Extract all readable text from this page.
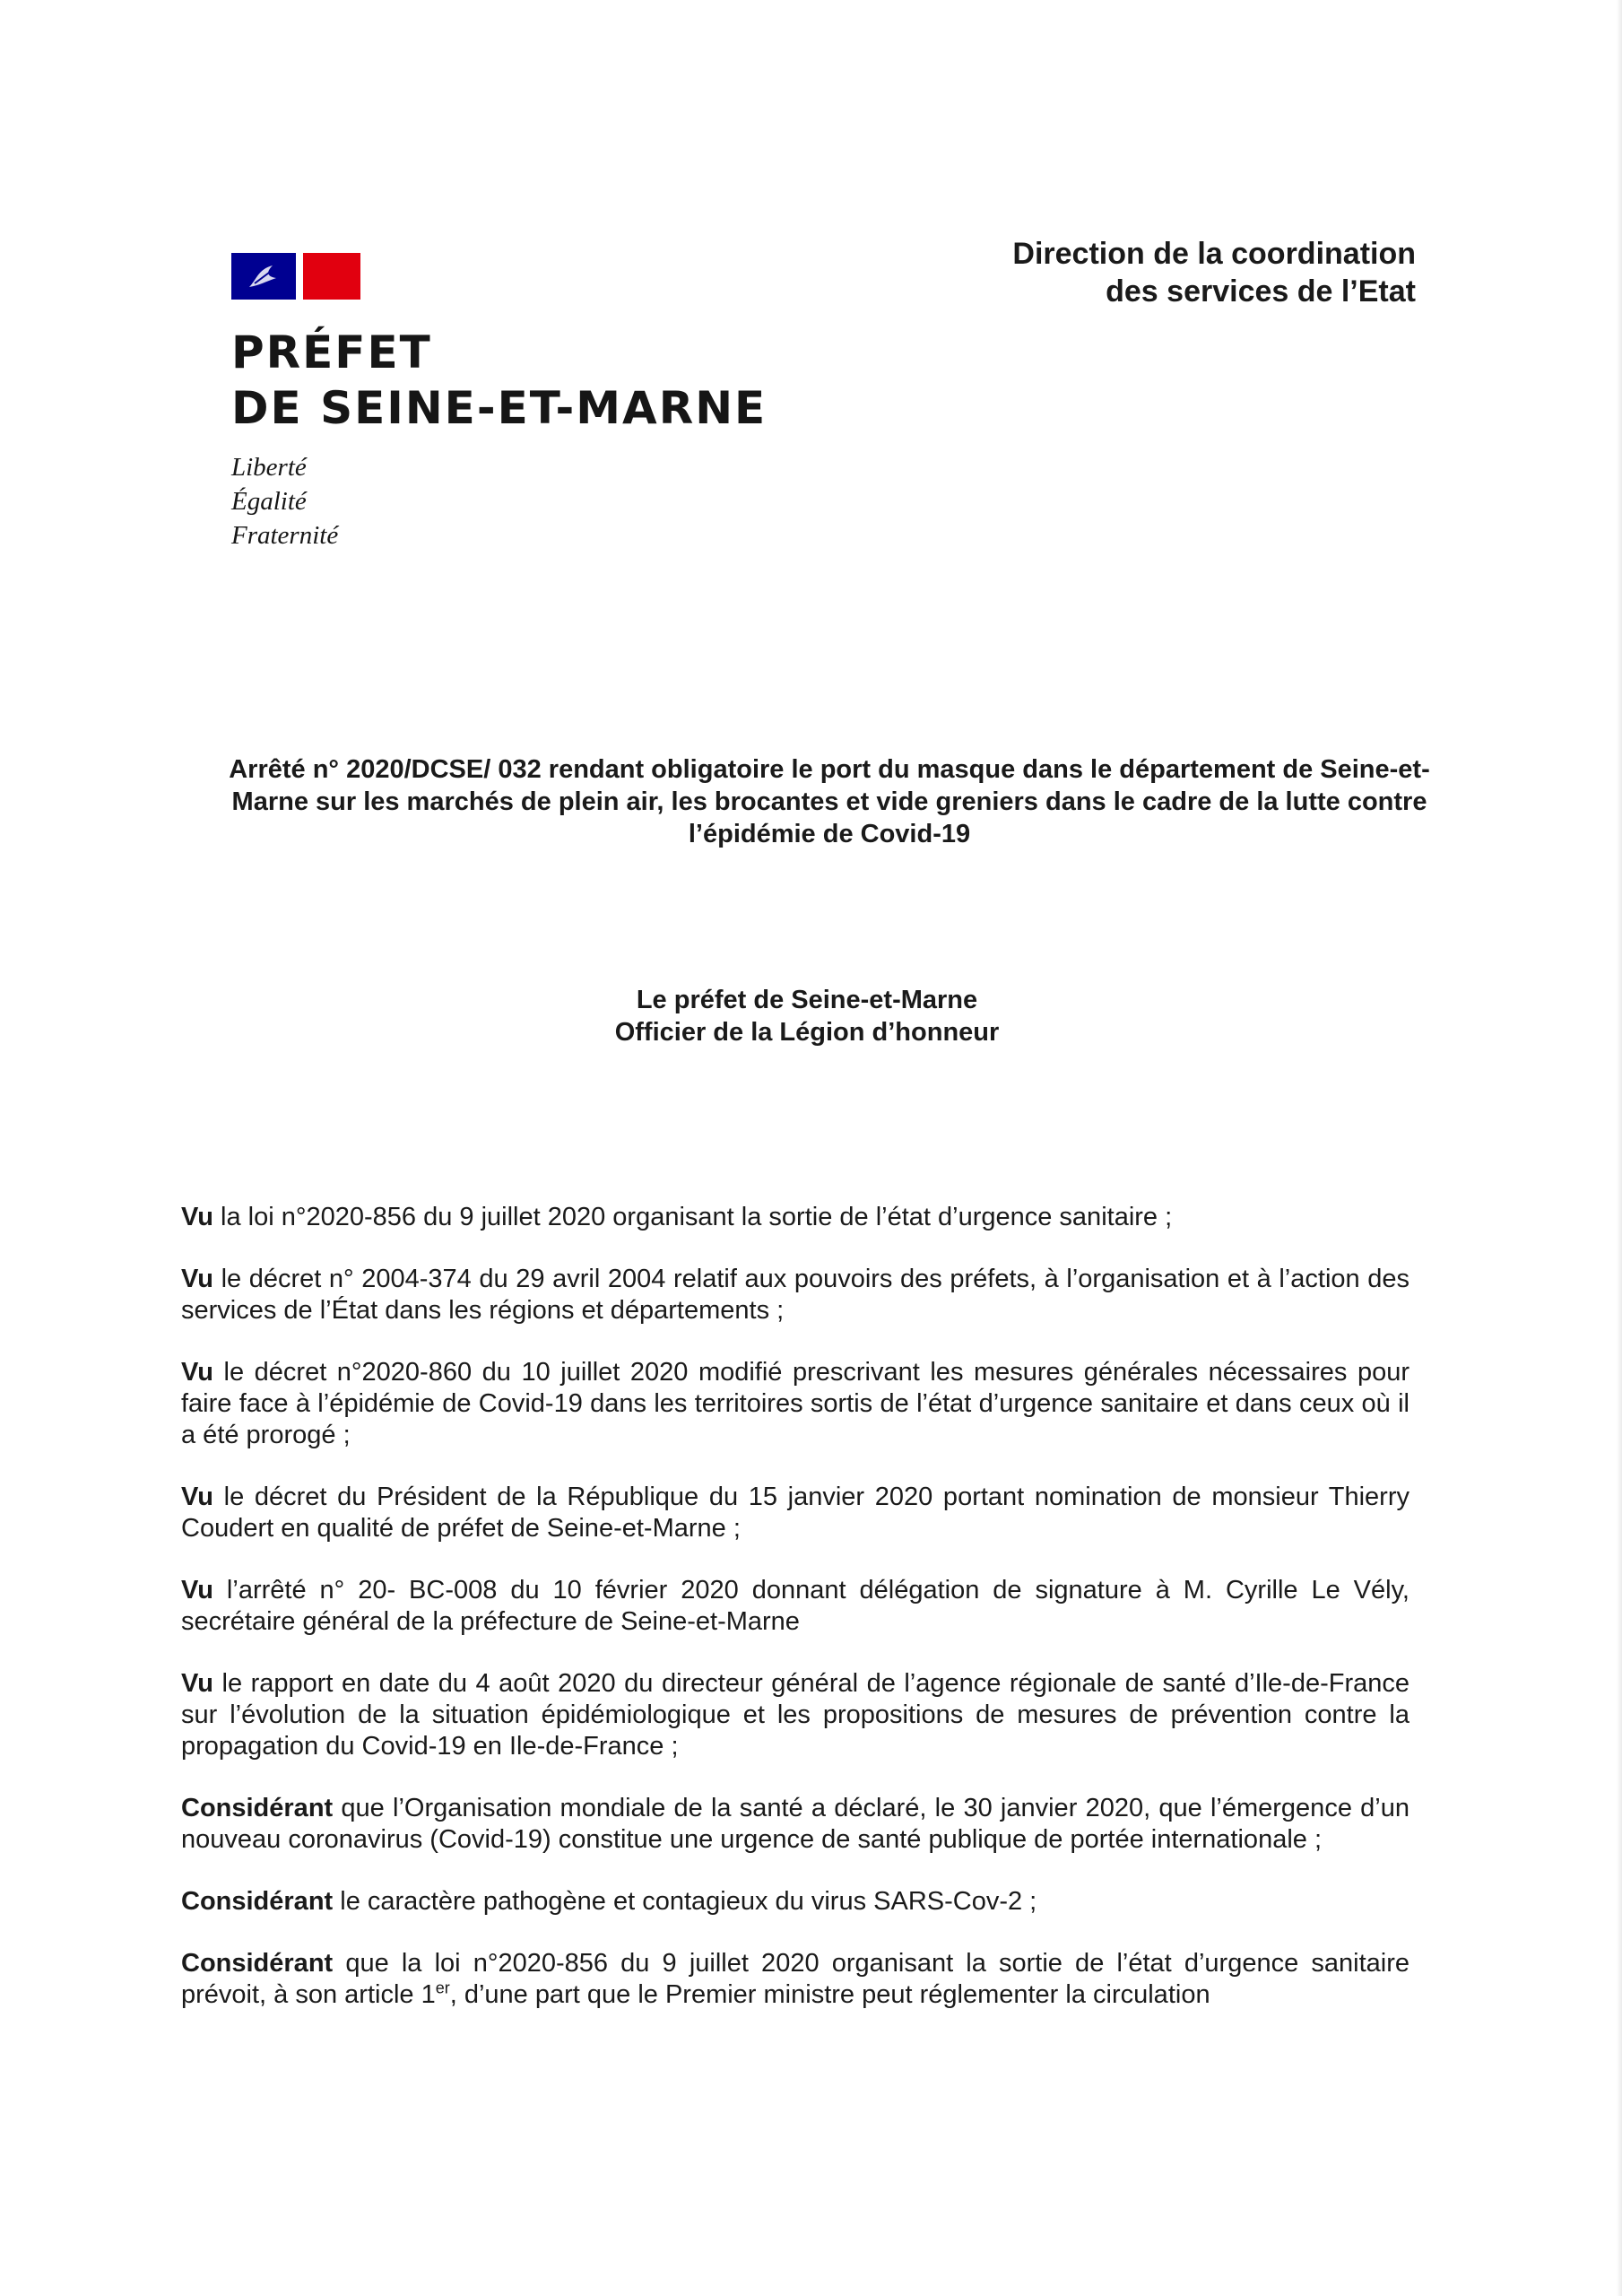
PRÉFET
DE SEINE-ET-MARNE
Liberté
Égalité
Fraternité
Direction de la coordination
des services de l’Etat
Arrêté n° 2020/DCSE/ 032 rendant obligatoire le port du masque dans le département de Seine-et-
Marne sur les marchés de plein air, les brocantes et vide greniers dans le cadre de la lutte contre
l’épidémie de Covid-19
Le préfet de Seine-et-Marne
Officier de la Légion d’honneur

Vu la loi n°2020-856 du 9 juillet 2020 organisant la sortie de l’état d’urgence sanitaire ;

Vu le décret n° 2004-374 du 29 avril 2004 relatif aux pouvoirs des préfets, à l’organisation et à l’action des services de l’État dans les régions et départements ;

Vu le décret n°2020-860 du 10 juillet 2020 modifié prescrivant les mesures générales nécessaires pour faire face à l’épidémie de Covid-19 dans les territoires sortis de l’état d’urgence sanitaire et dans ceux où il a été prorogé ;

Vu le décret du Président de la République du 15 janvier 2020 portant nomination de monsieur Thierry Coudert en qualité de préfet de Seine-et-Marne ;

Vu l’arrêté n° 20- BC-008 du 10 février 2020 donnant délégation de signature à M. Cyrille Le Vély, secrétaire général de la préfecture de Seine-et-Marne

Vu le rapport en date du 4 août 2020 du directeur général de l’agence régionale de santé d’Ile-de-France sur l’évolution de la situation épidémiologique et les propositions de mesures de prévention contre la propagation du Covid-19 en Ile-de-France ;

Considérant que l’Organisation mondiale de la santé a déclaré, le 30 janvier 2020, que l’émergence d’un nouveau coronavirus (Covid-19) constitue une urgence de santé publique de portée internationale ;

Considérant le caractère pathogène et contagieux du virus SARS-Cov-2 ;

Considérant que la loi n°2020-856 du 9 juillet 2020 organisant la sortie de l’état d’urgence sanitaire prévoit, à son article 1er, d’une part que le Premier ministre peut réglementer la circulation
